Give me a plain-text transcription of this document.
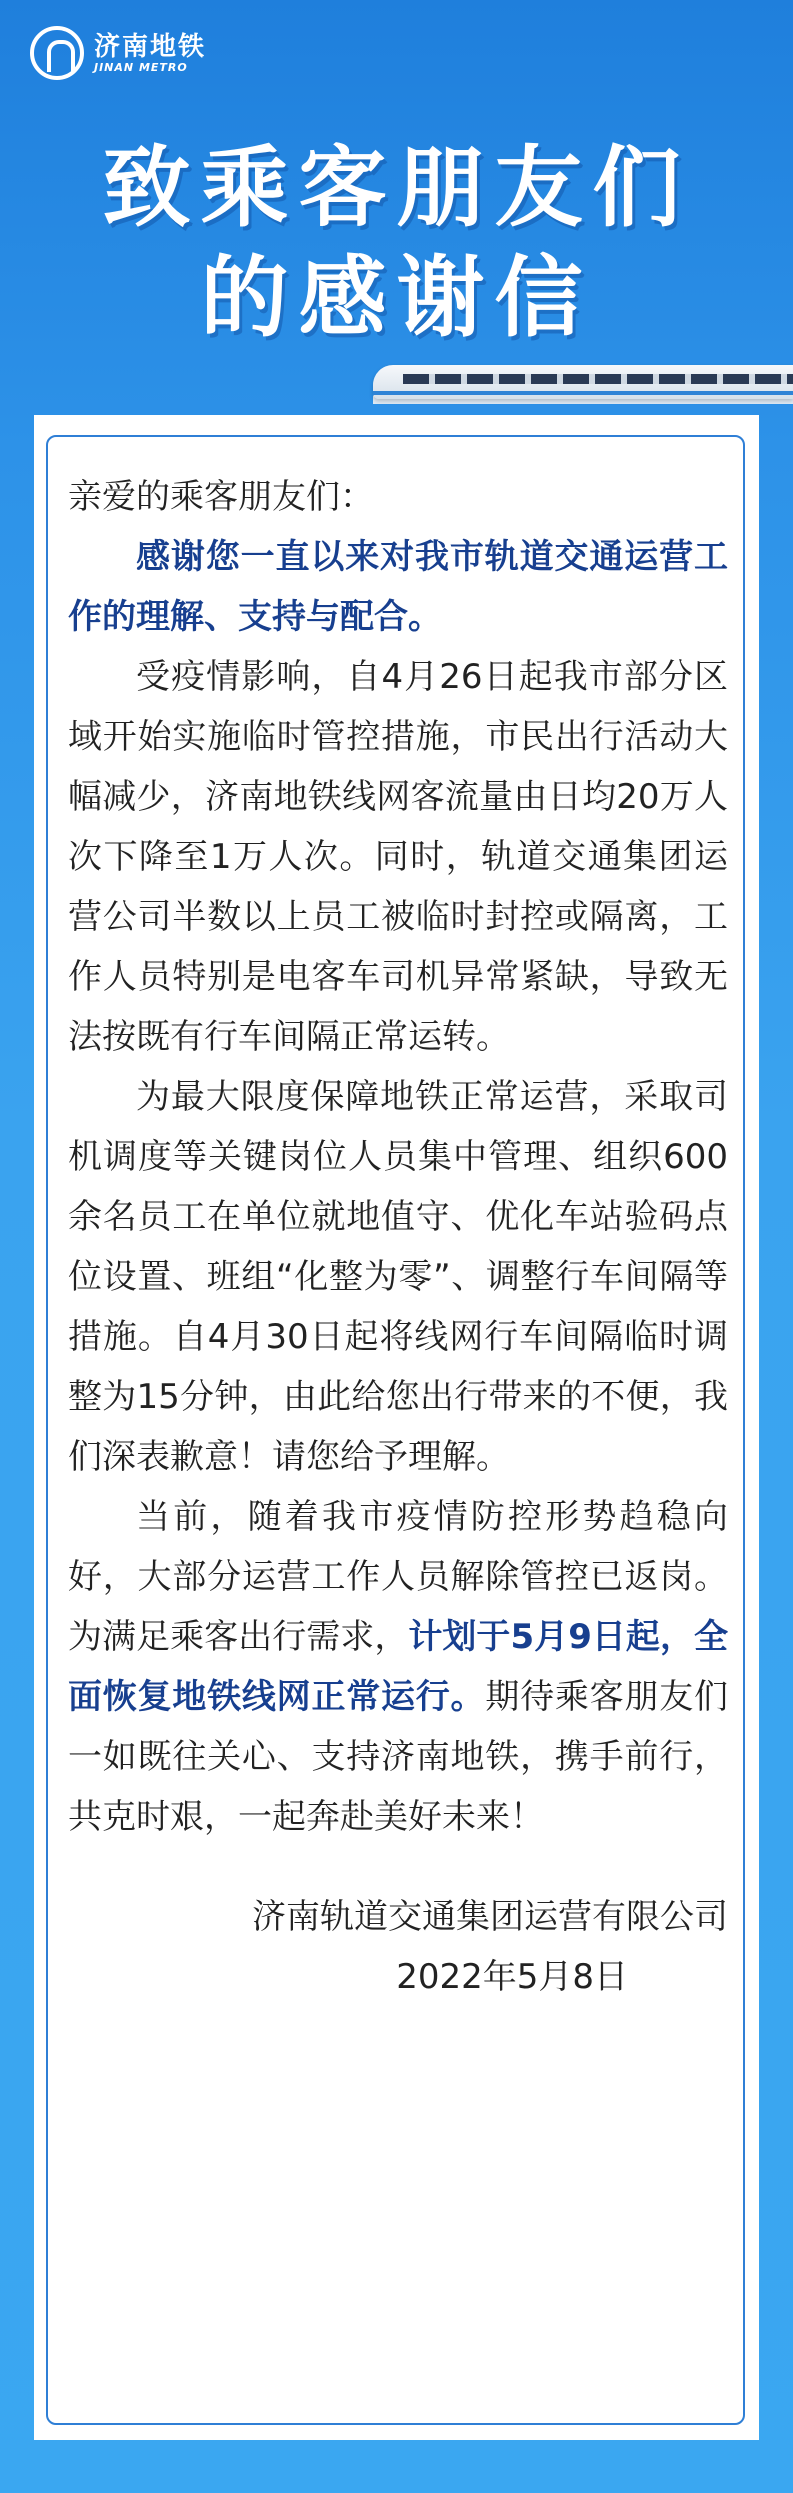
济南地铁
JINAN METRO
致乘客朋友们
的感谢信

亲爱的乘客朋友们：

感谢您一直以来对我市轨道交通运营工作的理解、支持与配合。

受疫情影响，自4月26日起我市部分区域开始实施临时管控措施，市民出行活动大幅减少，济南地铁线网客流量由日均20万人次下降至1万人次。同时，轨道交通集团运营公司半数以上员工被临时封控或隔离，工作人员特别是电客车司机异常紧缺，导致无法按既有行车间隔正常运转。

为最大限度保障地铁正常运营，采取司机调度等关键岗位人员集中管理、组织600余名员工在单位就地值守、优化车站验码点位设置、班组“化整为零”、调整行车间隔等措施。自4月30日起将线网行车间隔临时调整为15分钟，由此给您出行带来的不便，我们深表歉意！请您给予理解。

当前，随着我市疫情防控形势趋稳向好，大部分运营工作人员解除管控已返岗。为满足乘客出行需求，计划于5月9日起，全面恢复地铁线网正常运行。期待乘客朋友们一如既往关心、支持济南地铁，携手前行，共克时艰，一起奔赴美好未来！

济南轨道交通集团运营有限公司

2022年5月8日
